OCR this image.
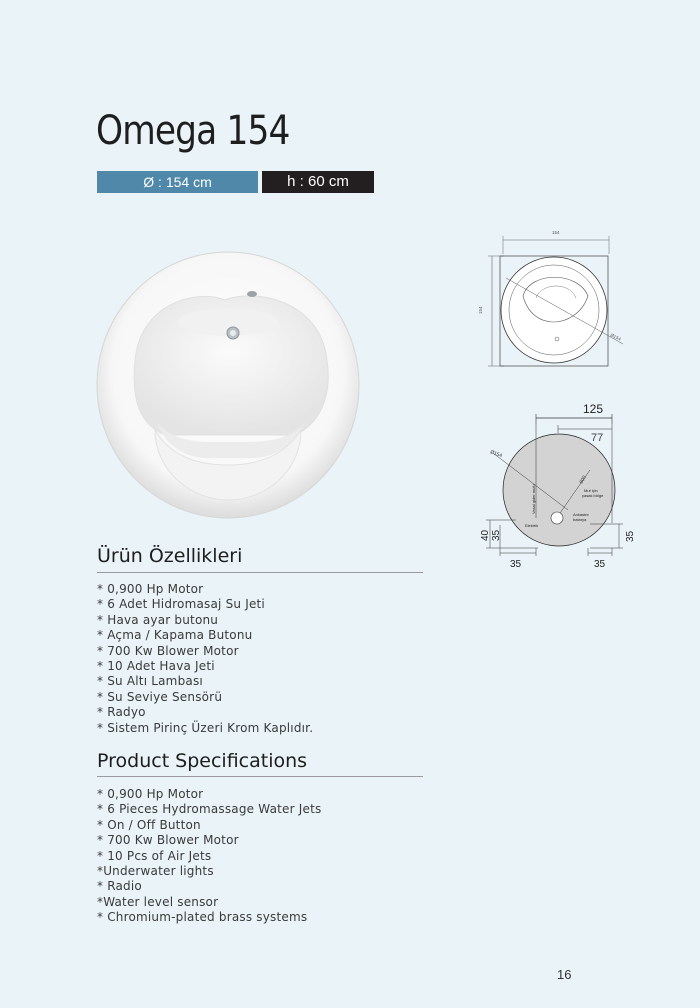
Omega 154
Ø : 154 cm	h : 60 cm
154
154
Ø154
125
77
Ø154
600
Vasal gider mufu	Muf için
yasak bölge
Ankastre
batarya
Elektrik
40 35	35
35	35
Ürün Özellikleri
* 0,900 Hp Motor
* 6 Adet Hidromasaj Su Jeti
* Hava ayar butonu
* Açma / Kapama Butonu
* 700 Kw Blower Motor
* 10 Adet Hava Jeti
* Su Altı Lambası
* Su Seviye Sensörü
* Radyo
* Sistem Pirinç Üzeri Krom Kaplıdır.
Product Specifications
* 0,900 Hp Motor
* 6 Pieces Hydromassage Water Jets
* On / Off Button
* 700 Kw Blower Motor
* 10 Pcs of Air Jets
*Underwater lights
* Radio
*Water level sensor
* Chromium-plated brass systems
16
